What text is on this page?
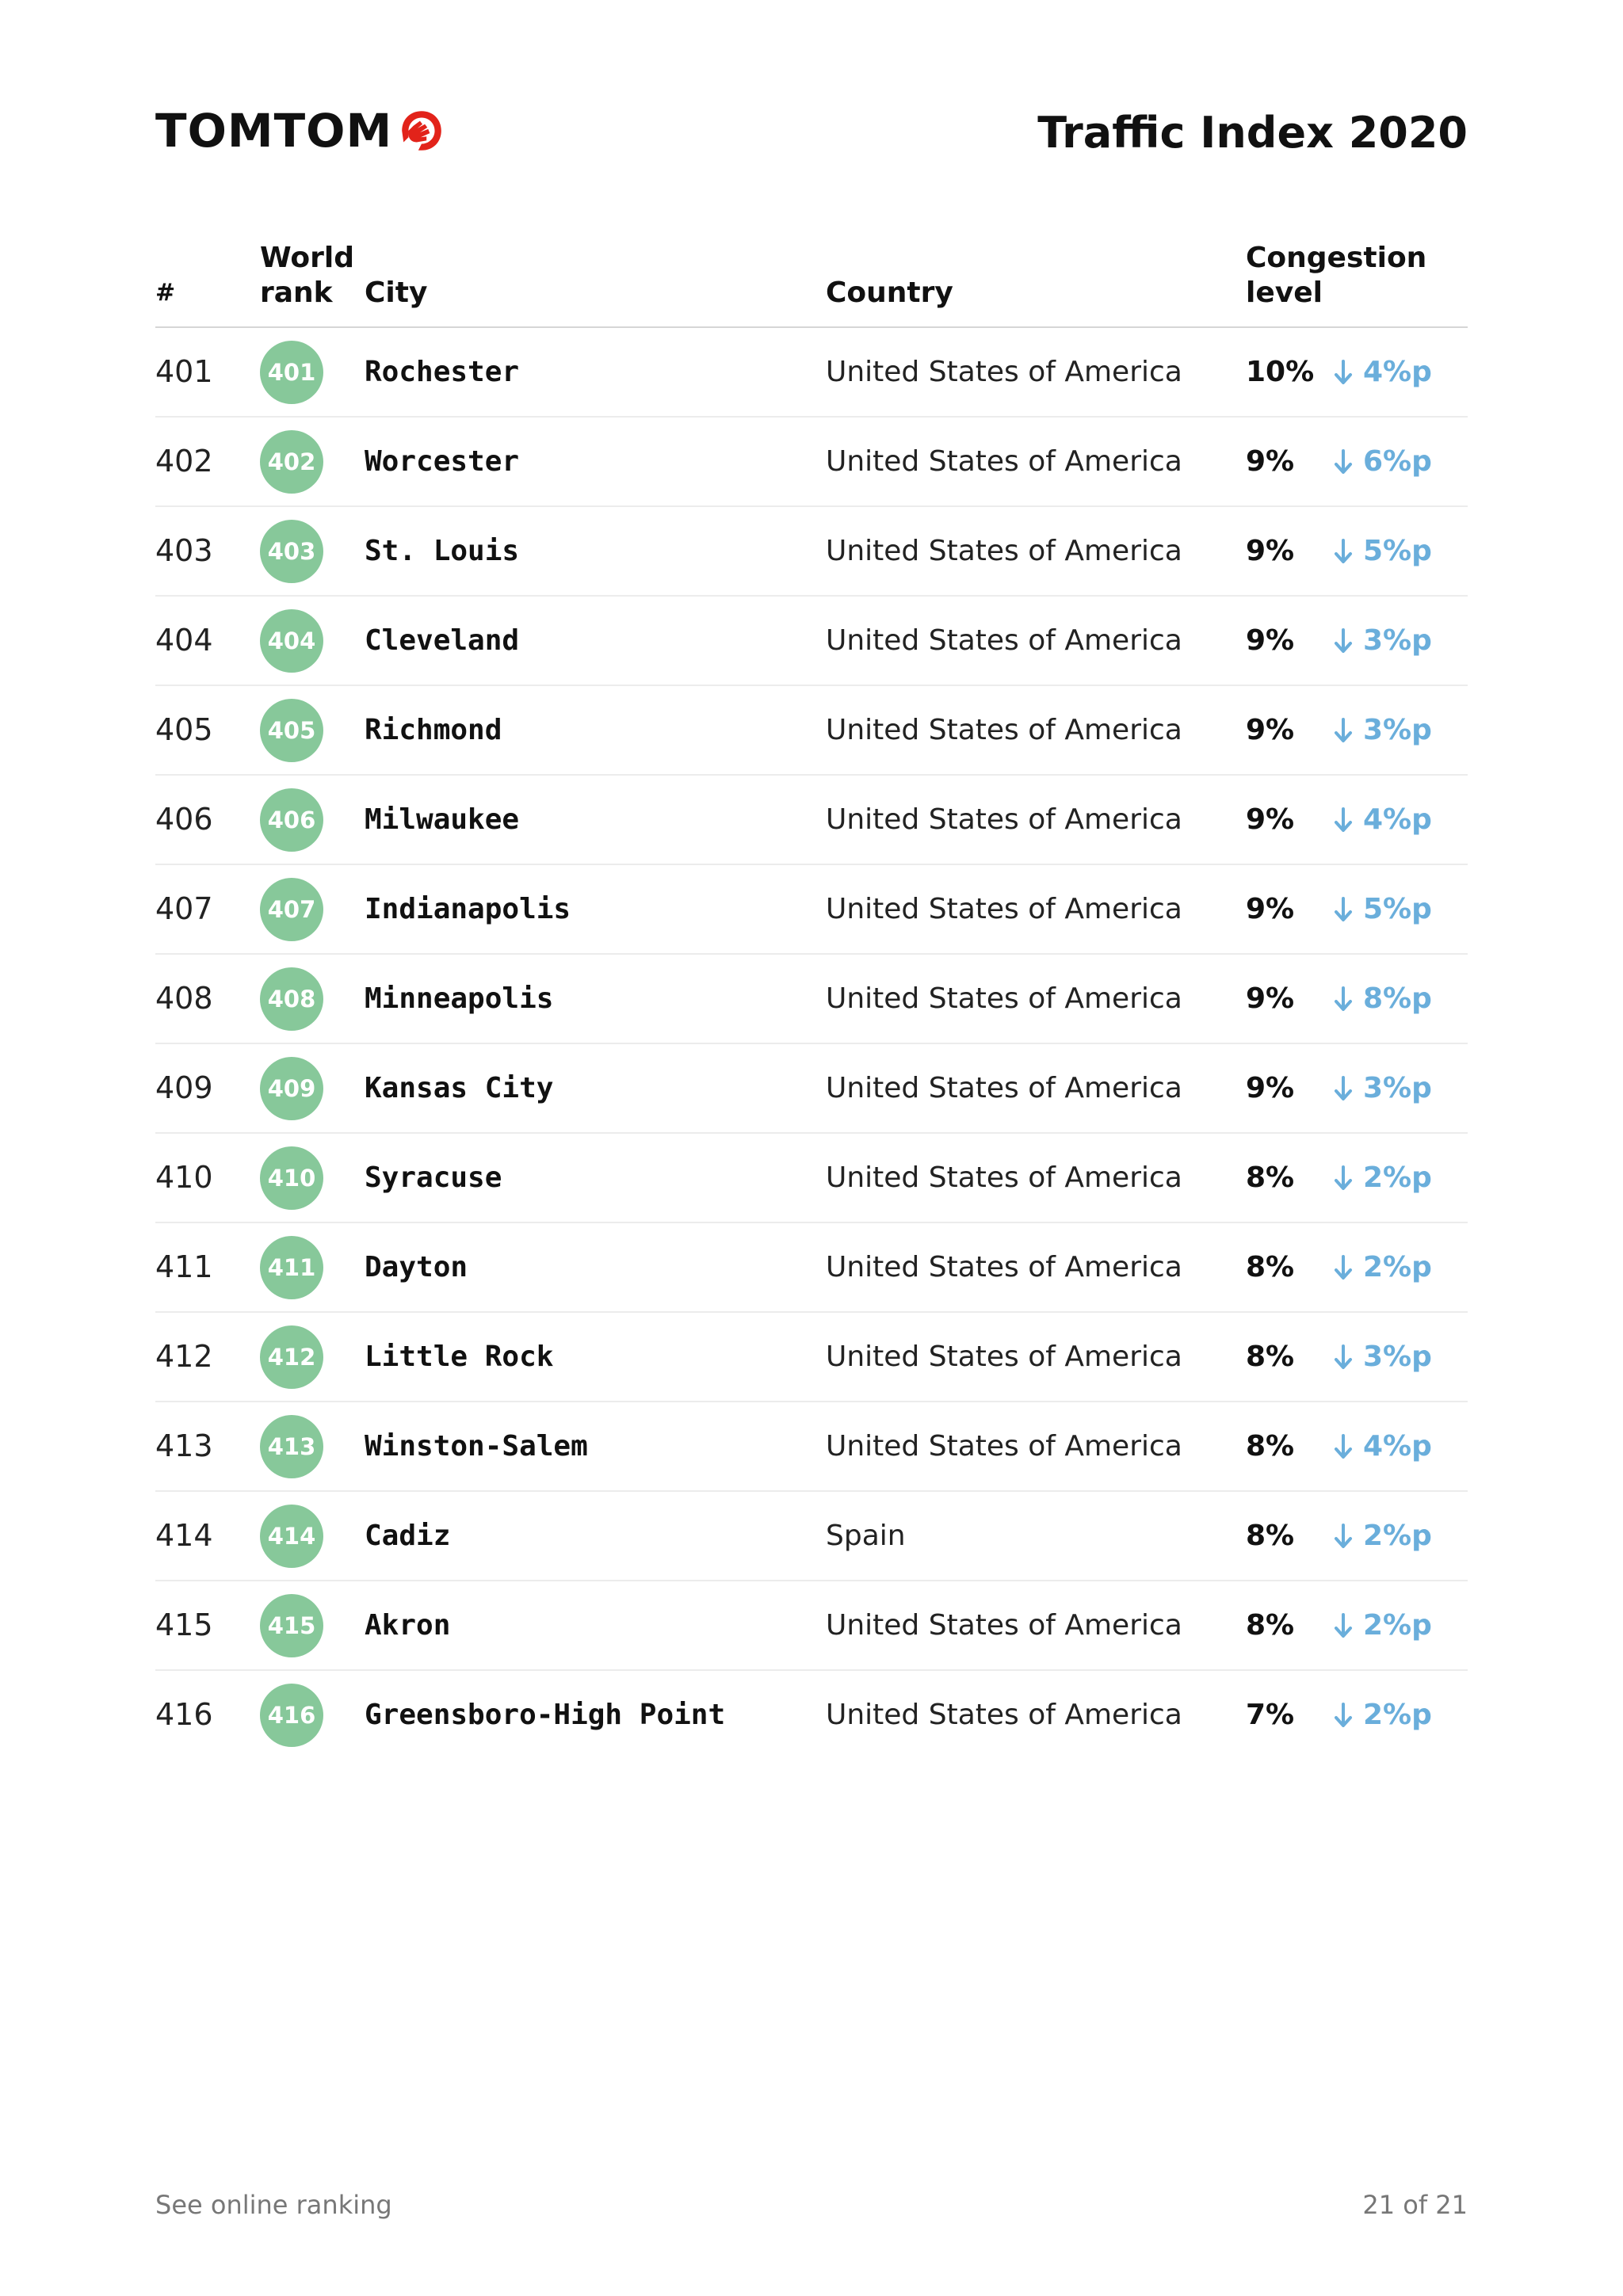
TOMTOM	Traffic Index 2020
#
World
rank	City	Country
Congestion level
401	401 Rochester	United States of America 10% 4%p
402	402 Worcester	United States of America 9% 6%p
403	403 St. Louis	United States of America 9% 5%p
404	404 Cleveland	United States of America 9% 3%p
405	405 Richmond	United States of America 9% 3%p
406	406 Milwaukee	United States of America 9% 4%p
407	407 Indianapolis	United States of America 9% 5%p
408	408 Minneapolis	United States of America 9% 8%p
409	409 Kansas City	United States of America 9% 3%p
410	410 Syracuse	United States of America 8% 2%p
411	411 Dayton	United States of America 8% 2%p
412	412 Little Rock	United States of America 8% 3%p
413	413 Winston-Salem	United States of America 8% 4%p
414	414 Cadiz	Spain	8% 2%p
415	415 Akron	United States of America 8% 2%p
416	416 Greensboro-High Point	United States of America 7% 2%p
See online ranking	21 of 21
